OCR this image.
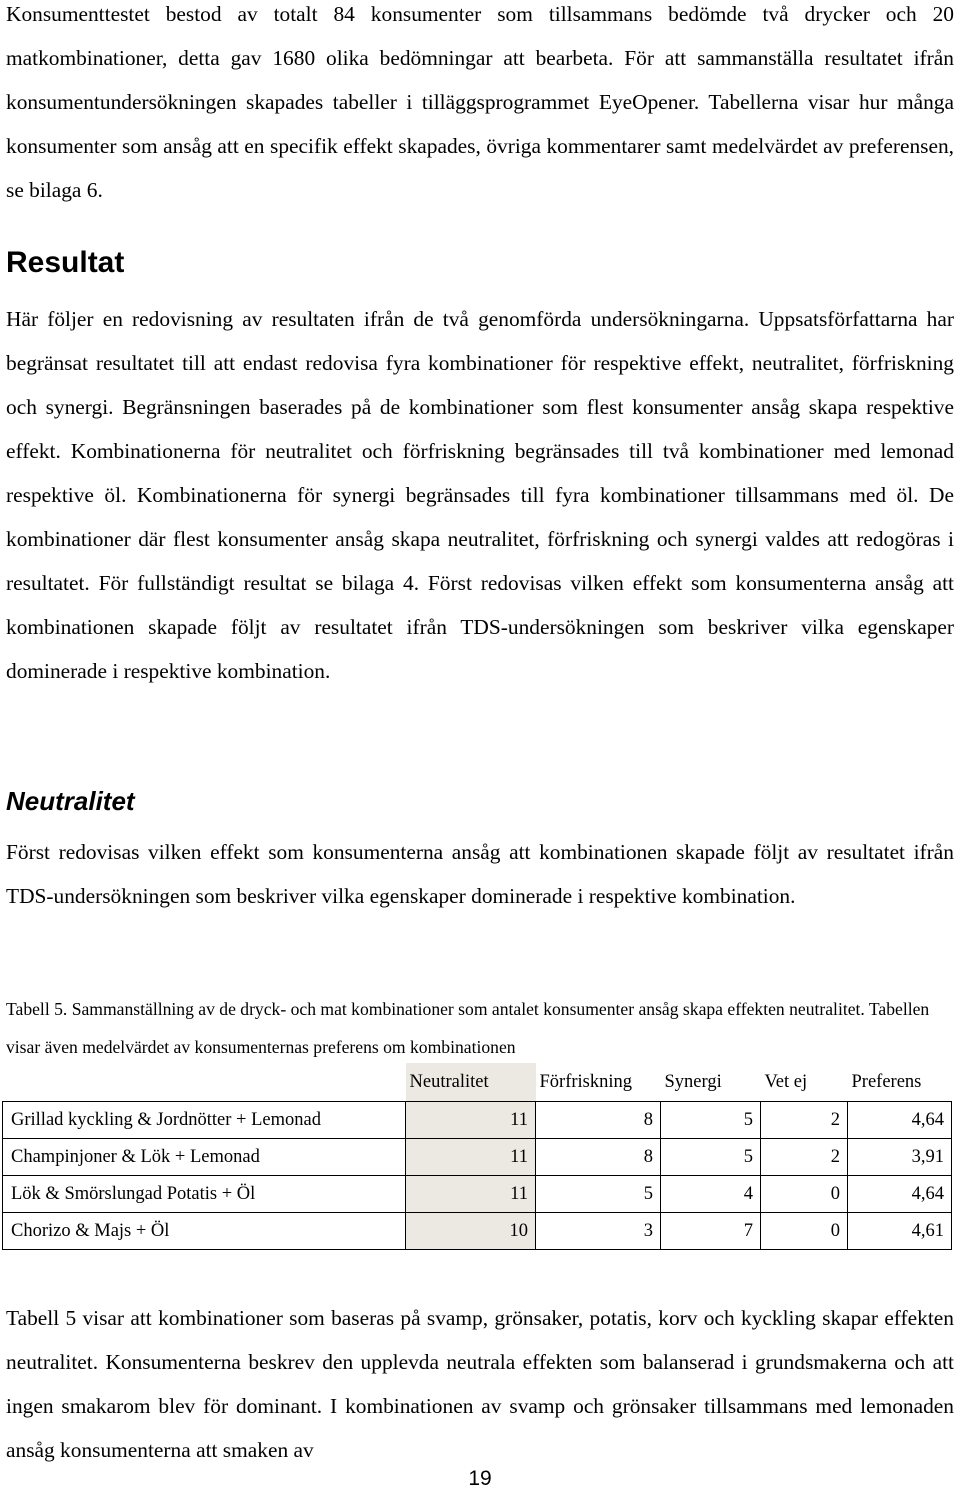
Konsumenttestet bestod av totalt 84 konsumenter som tillsammans bedömde två drycker och 20 matkombinationer, detta gav 1680 olika bedömningar att bearbeta. För att sammanställa resultatet ifrån konsumentundersökningen skapades tabeller i tilläggsprogrammet EyeOpener. Tabellerna visar hur många konsumenter som ansåg att en specifik effekt skapades, övriga kommentarer samt medelvärdet av preferensen, se bilaga 6.

Resultat

Här följer en redovisning av resultaten ifrån de två genomförda undersökningarna. Uppsatsförfattarna har begränsat resultatet till att endast redovisa fyra kombinationer för respektive effekt, neutralitet, förfriskning och synergi. Begränsningen baserades på de kombinationer som flest konsumenter ansåg skapa respektive effekt. Kombinationerna för neutralitet och förfriskning begränsades till två kombinationer med lemonad respektive öl. Kombinationerna för synergi begränsades till fyra kombinationer tillsammans med öl. De kombinationer där flest konsumenter ansåg skapa neutralitet, förfriskning och synergi valdes att redogöras i resultatet. För fullständigt resultat se bilaga 4. Först redovisas vilken effekt som konsumenterna ansåg att kombinationen skapade följt av resultatet ifrån TDS-undersökningen som beskriver vilka egenskaper dominerade i respektive kombination.

Neutralitet

Först redovisas vilken effekt som konsumenterna ansåg att kombinationen skapade följt av resultatet ifrån TDS-undersökningen som beskriver vilka egenskaper dominerade i respektive kombination.

Tabell 5. Sammanställning av de dryck- och mat kombinationer som antalet konsumenter ansåg skapa effekten neutralitet. Tabellen visar även medelvärdet av konsumenternas preferens om kombinationen

	Neutralitet	Förfriskning	Synergi	Vet ej	Preferens
Grillad kyckling & Jordnötter + Lemonad	11	8	5	2	4,64
Champinjoner & Lök + Lemonad	11	8	5	2	3,91
Lök & Smörslungad Potatis + Öl	11	5	4	0	4,64
Chorizo & Majs + Öl	10	3	7	0	4,61

Tabell 5 visar att kombinationer som baseras på svamp, grönsaker, potatis, korv och kyckling skapar effekten neutralitet. Konsumenterna beskrev den upplevda neutrala effekten som balanserad i grundsmakerna och att ingen smakarom blev för dominant. I kombinationen av svamp och grönsaker tillsammans med lemonaden ansåg konsumenterna att smaken av

19
